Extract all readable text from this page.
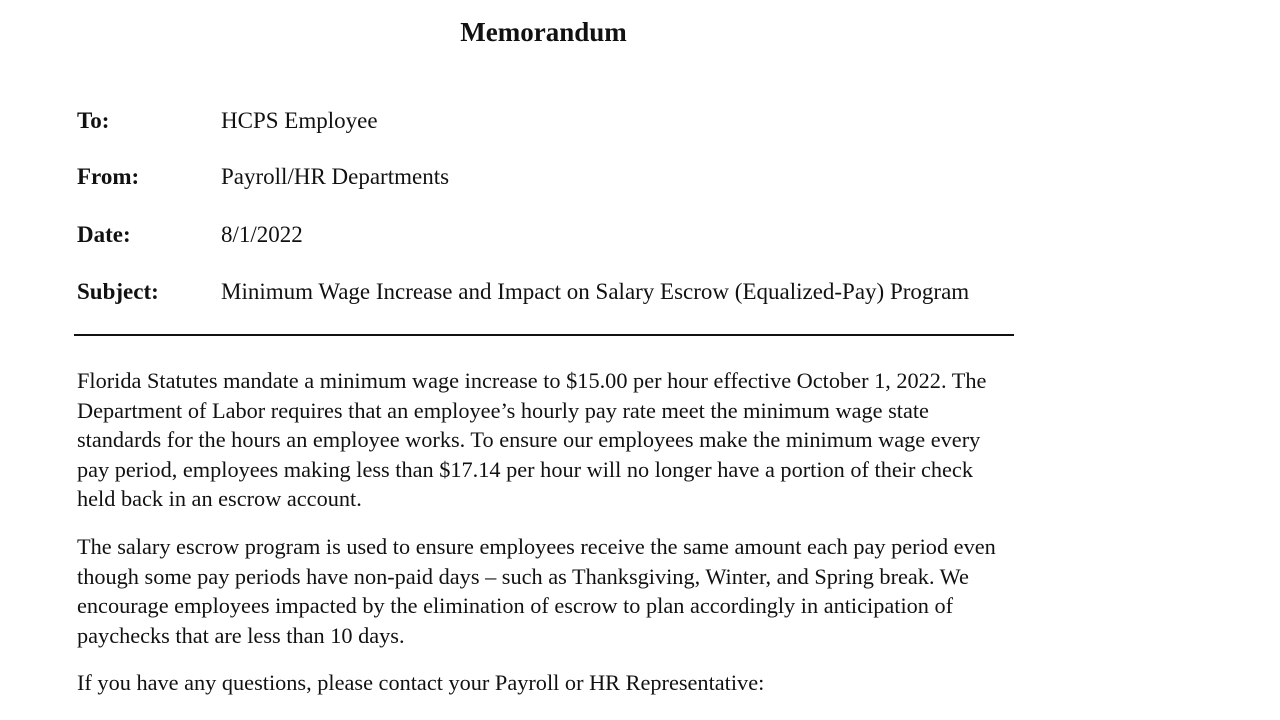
Memorandum
To:	HCPS Employee
From:	Payroll/HR Departments
Date:	8/1/2022
Subject:	Minimum Wage Increase and Impact on Salary Escrow (Equalized-Pay) Program

Florida Statutes mandate a minimum wage increase to $15.00 per hour effective October 1, 2022. The Department of Labor requires that an employee’s hourly pay rate meet the minimum wage state standards for the hours an employee works. To ensure our employees make the minimum wage every pay period, employees making less than $17.14 per hour will no longer have a portion of their check held back in an escrow account.

The salary escrow program is used to ensure employees receive the same amount each pay period even though some pay periods have non-paid days – such as Thanksgiving, Winter, and Spring break. We encourage employees impacted by the elimination of escrow to plan accordingly in anticipation of paychecks that are less than 10 days.

If you have any questions, please contact your Payroll or HR Representative:
